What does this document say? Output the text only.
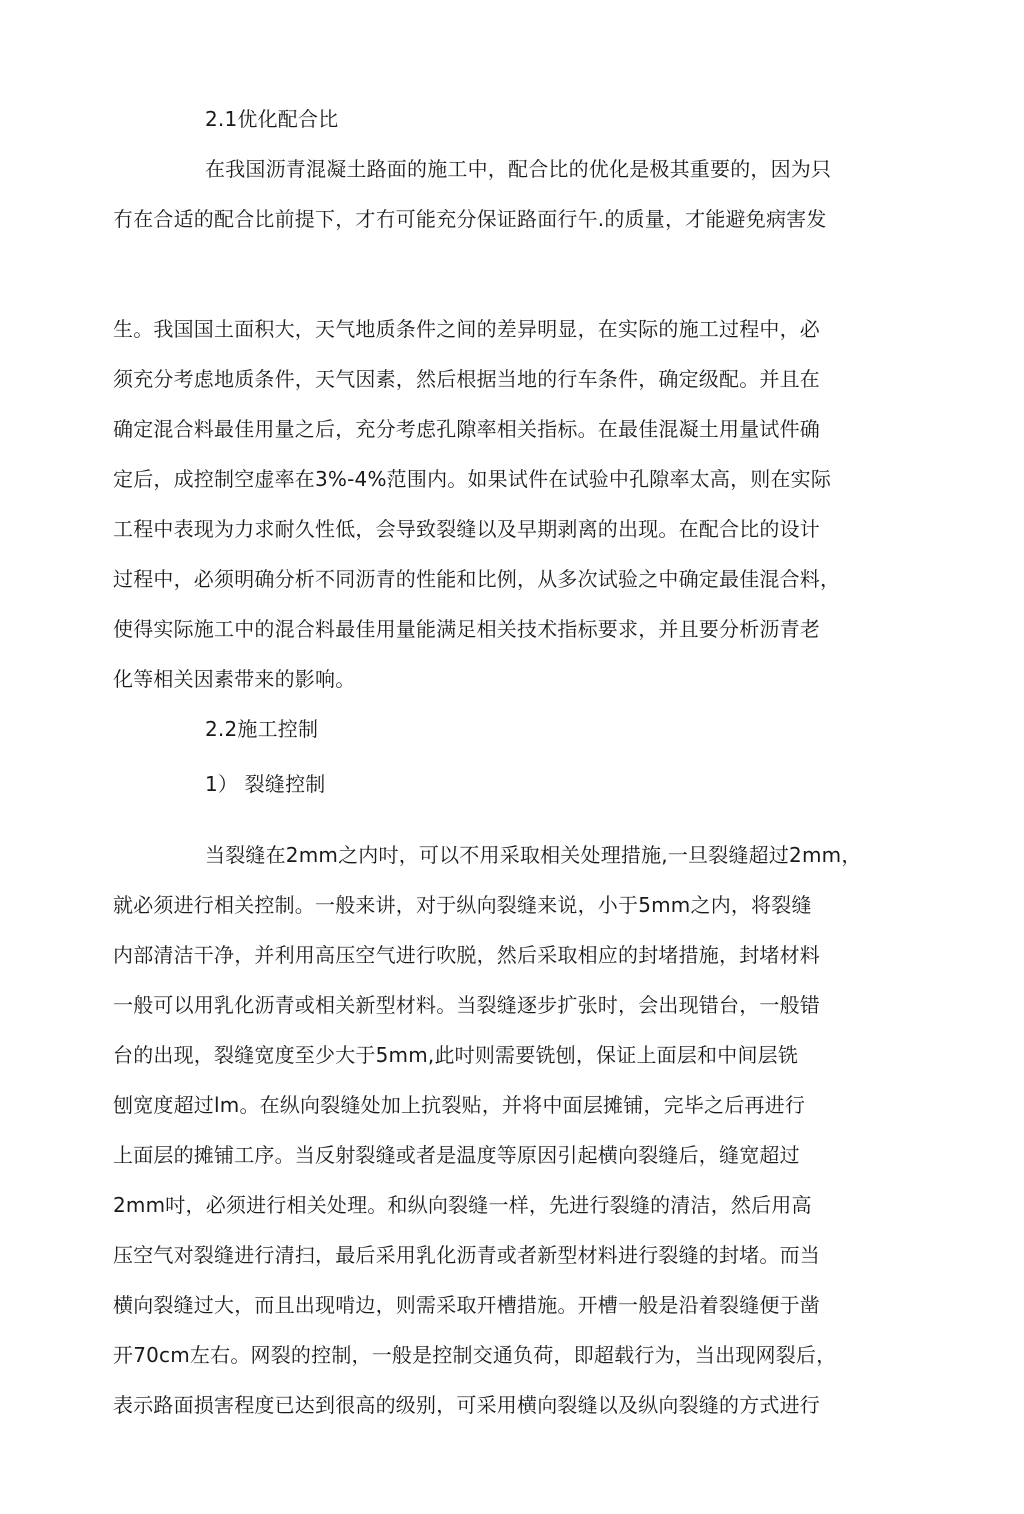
2.1优化配合比
在我国沥青混凝土路面的施工中，配合比的优化是极其重要的，因为只
冇在合适的配合比前提下，才冇可能充分保证路面行午.的质量，才能避免病害发
生。我国国土面积大，天气地质条件之间的差异明显，在实际的施工过程中，必
须充分考虑地质条件，天气因素，然后根据当地的行车条件，确定级配。并且在
确定混合料最佳用量之后，充分考虑孔隙率相关指标。在最佳混凝土用量试件确
定后，成控制空虚率在3%-4%范围内。如果试件在试验中孔隙率太高，则在实际
工程中表现为力求耐久性低，会导致裂缝以及早期剥离的出现。在配合比的设计
过程中，必须明确分析不同沥青的性能和比例，从多次试验之中确定最佳混合料，
使得实际施工中的混合料最佳用量能满足相关技术指标要求，并且要分析沥青老
化等相关因素带来的影响。
2.2施工控制
1） 裂缝控制
当裂缝在2mm之内吋，可以不用采取相关处理措施,一旦裂缝超过2mm，
就必须进行相关控制。一般来讲，对于纵向裂缝来说，小于5mm之内，将裂缝
内部清洁干净，并利用高压空气进行吹脱，然后采取相应的封堵措施，封堵材料
一般可以用乳化沥青或相关新型材料。当裂缝逐步扩张时，会出现错台，一般错
台的出现，裂缝宽度至少大于5mm,此吋则需要铣刨，保证上面层和中间层铣
刨宽度超过lm。在纵向裂缝处加上抗裂贴，并将中面层摊铺，完毕之后再进行
上面层的摊铺工序。当反射裂缝或者是温度等原因引起横向裂缝后，缝宽超过
2mm吋，必须进行相关处理。和纵向裂缝一样，先进行裂缝的清洁，然后用高
压空气对裂缝进行清扫，最后采用乳化沥青或者新型材料进行裂缝的封堵。而当
横向裂缝过大，而且出现啃边，则需采取幵槽措施。开槽一般是沿着裂缝便于凿
开70cm左右。网裂的控制，一般是控制交通负荷，即超载行为，当出现网裂后，
表示路面损害程度已达到很高的级别，可采用横向裂缝以及纵向裂缝的方式进行
